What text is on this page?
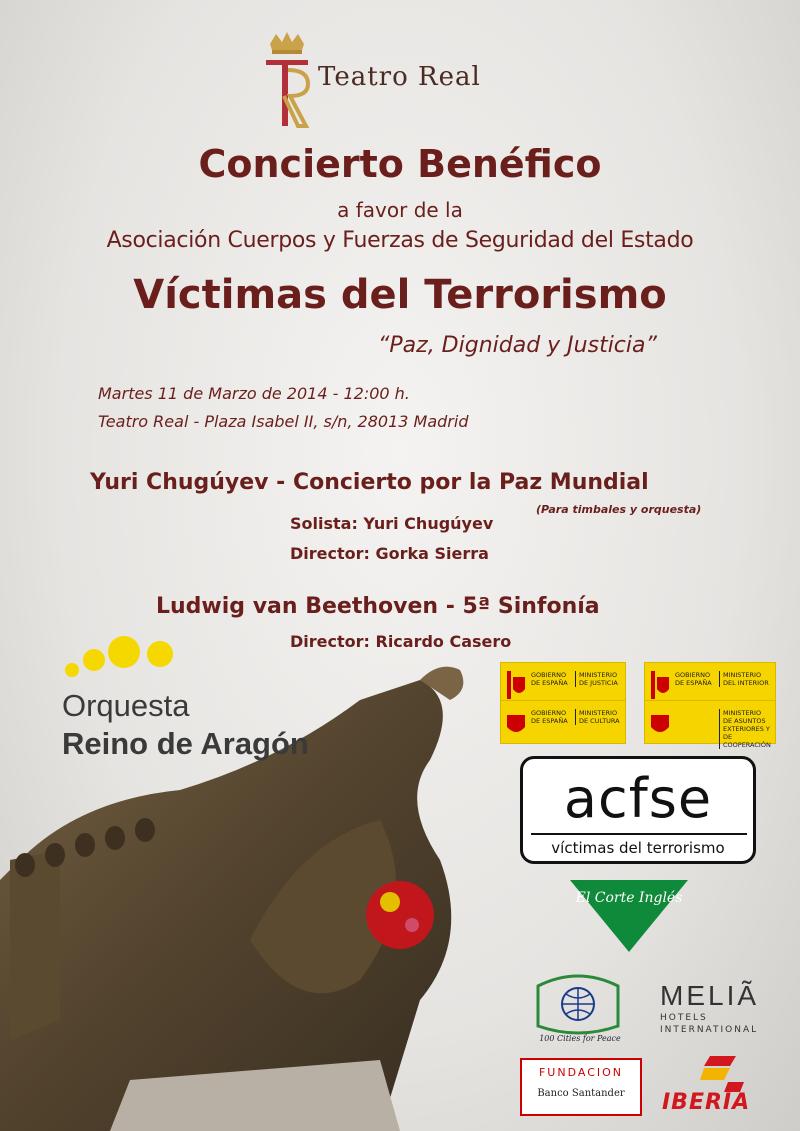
Teatro Real
Concierto Benéfico
a favor de la
Asociación Cuerpos y Fuerzas de Seguridad del Estado
Víctimas del Terrorismo
“Paz, Dignidad y Justicia”
Martes 11 de Marzo de 2014 - 12:00 h.
Teatro Real - Plaza Isabel II, s/n, 28013 Madrid
Yuri Chugúyev - Concierto por la Paz Mundial
(Para timbales y orquesta)
Solista: Yuri Chugúyev
Director: Gorka Sierra
Ludwig van Beethoven - 5ª Sinfonía
Director: Ricardo Casero
Orquesta
Reino de Aragón
GOBIERNO DE ESPAÑA
MINISTERIO DE JUSTICIA
GOBIERNO DE ESPAÑA
MINISTERIO DEL INTERIOR
GOBIERNO DE ESPAÑA
MINISTERIO DE CULTURA
MINISTERIO DE ASUNTOS EXTERIORES Y DE COOPERACIÓN
acfse
víctimas del terrorismo
El Corte Inglés
100 Cities for Peace
MELIÃ
HOTELS INTERNATIONAL
FUNDACION
Banco Santander	IBERIA
